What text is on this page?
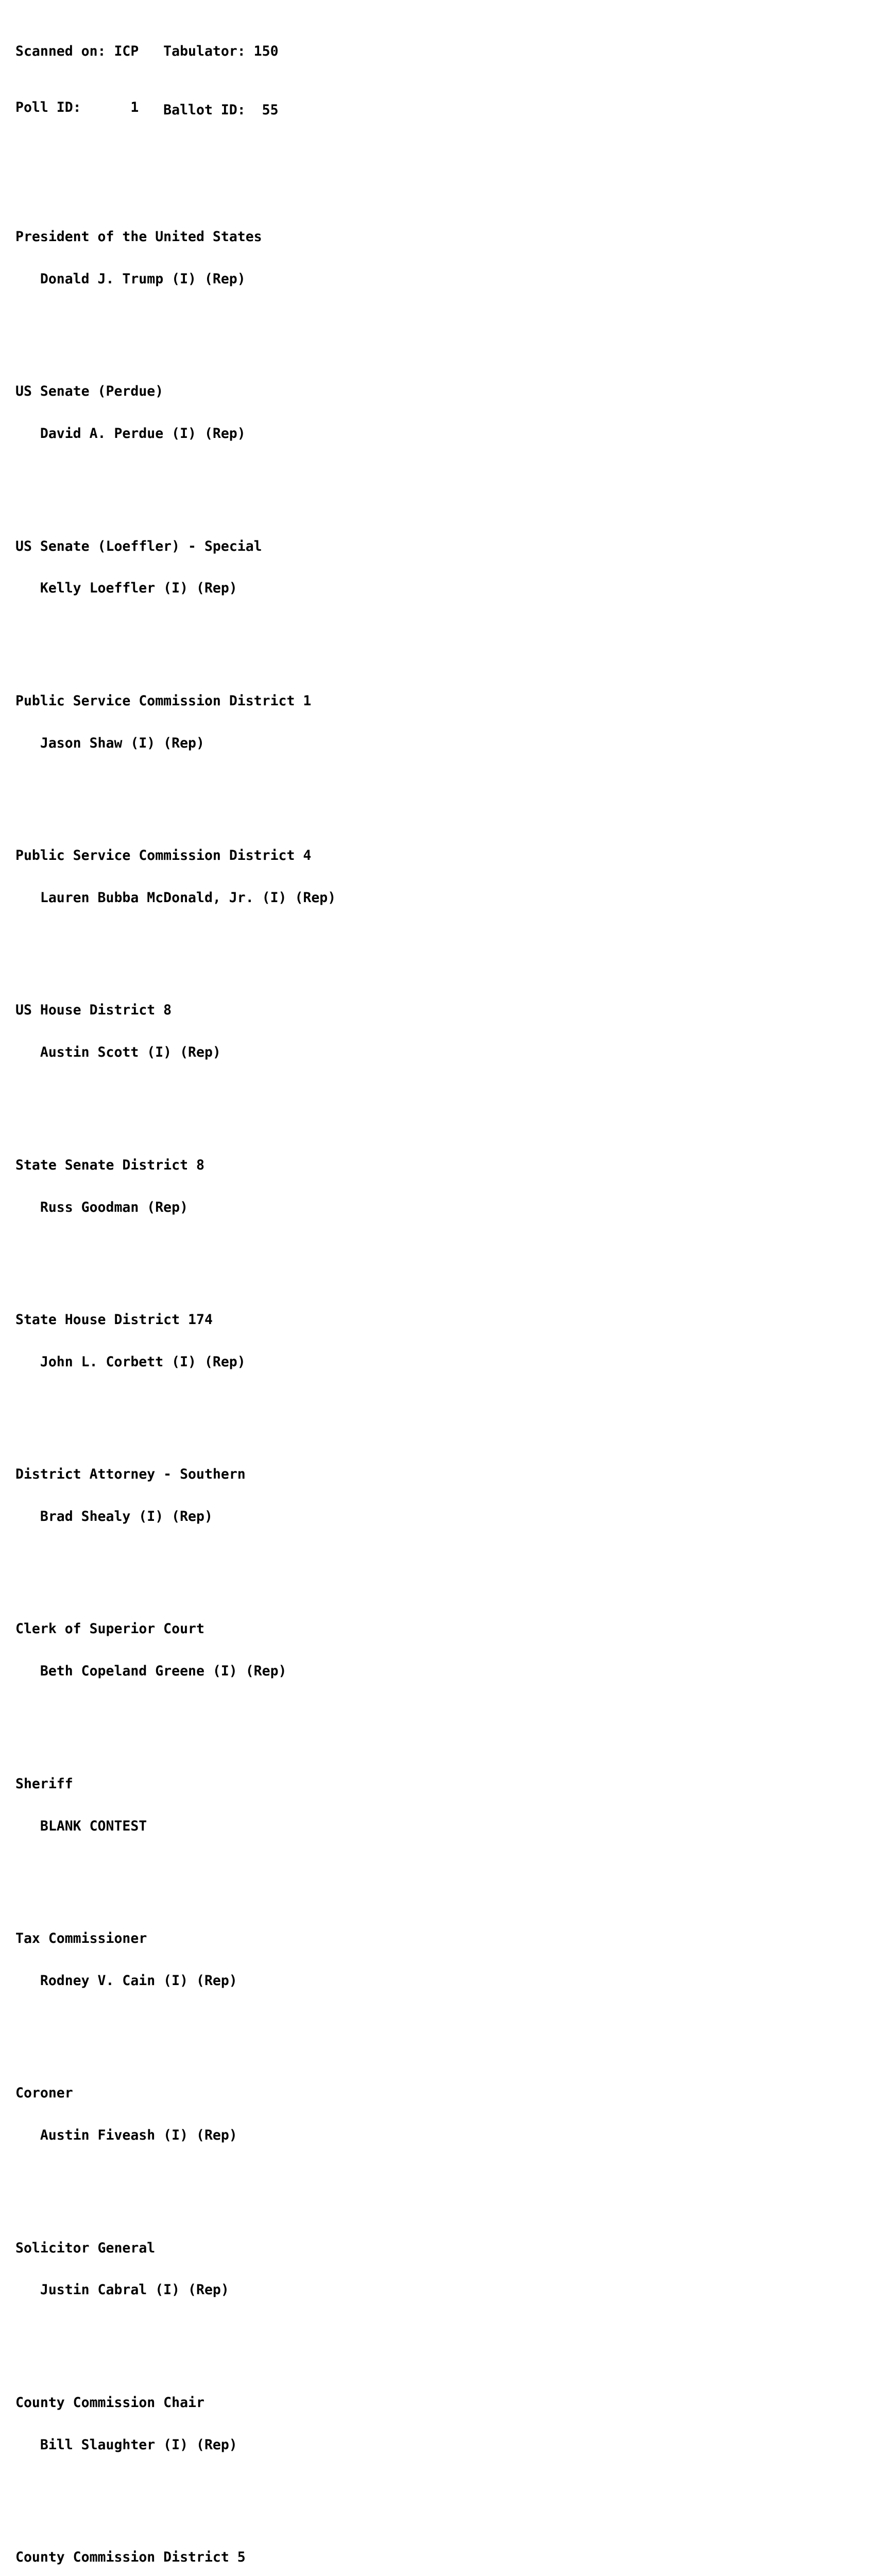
Scanned on: ICP Tabulator: 150

Poll ID:	1 Ballot ID: 55

President of the United States

Donald J. Trump (I) (Rep)

US Senate (Perdue)

David A. Perdue (I) (Rep)

US Senate (Loeffler) - Special

Kelly Loeffler (I) (Rep)

Public Service Commission District 1

Jason Shaw (I) (Rep)

Public Service Commission District 4

Lauren Bubba McDonald, Jr. (I) (Rep)

US House District 8

Austin Scott (I) (Rep)

State Senate District 8

Russ Goodman (Rep)

State House District 174

John L. Corbett (I) (Rep)

District Attorney - Southern

Brad Shealy (I) (Rep)

Clerk of Superior Court

Beth Copeland Greene (I) (Rep)

Sheriff

BLANK CONTEST

Tax Commissioner

Rodney V. Cain (I) (Rep)

Coroner

Austin Fiveash (I) (Rep)

Solicitor General

Justin Cabral (I) (Rep)

County Commission Chair

Bill Slaughter (I) (Rep)

County Commission District 5
